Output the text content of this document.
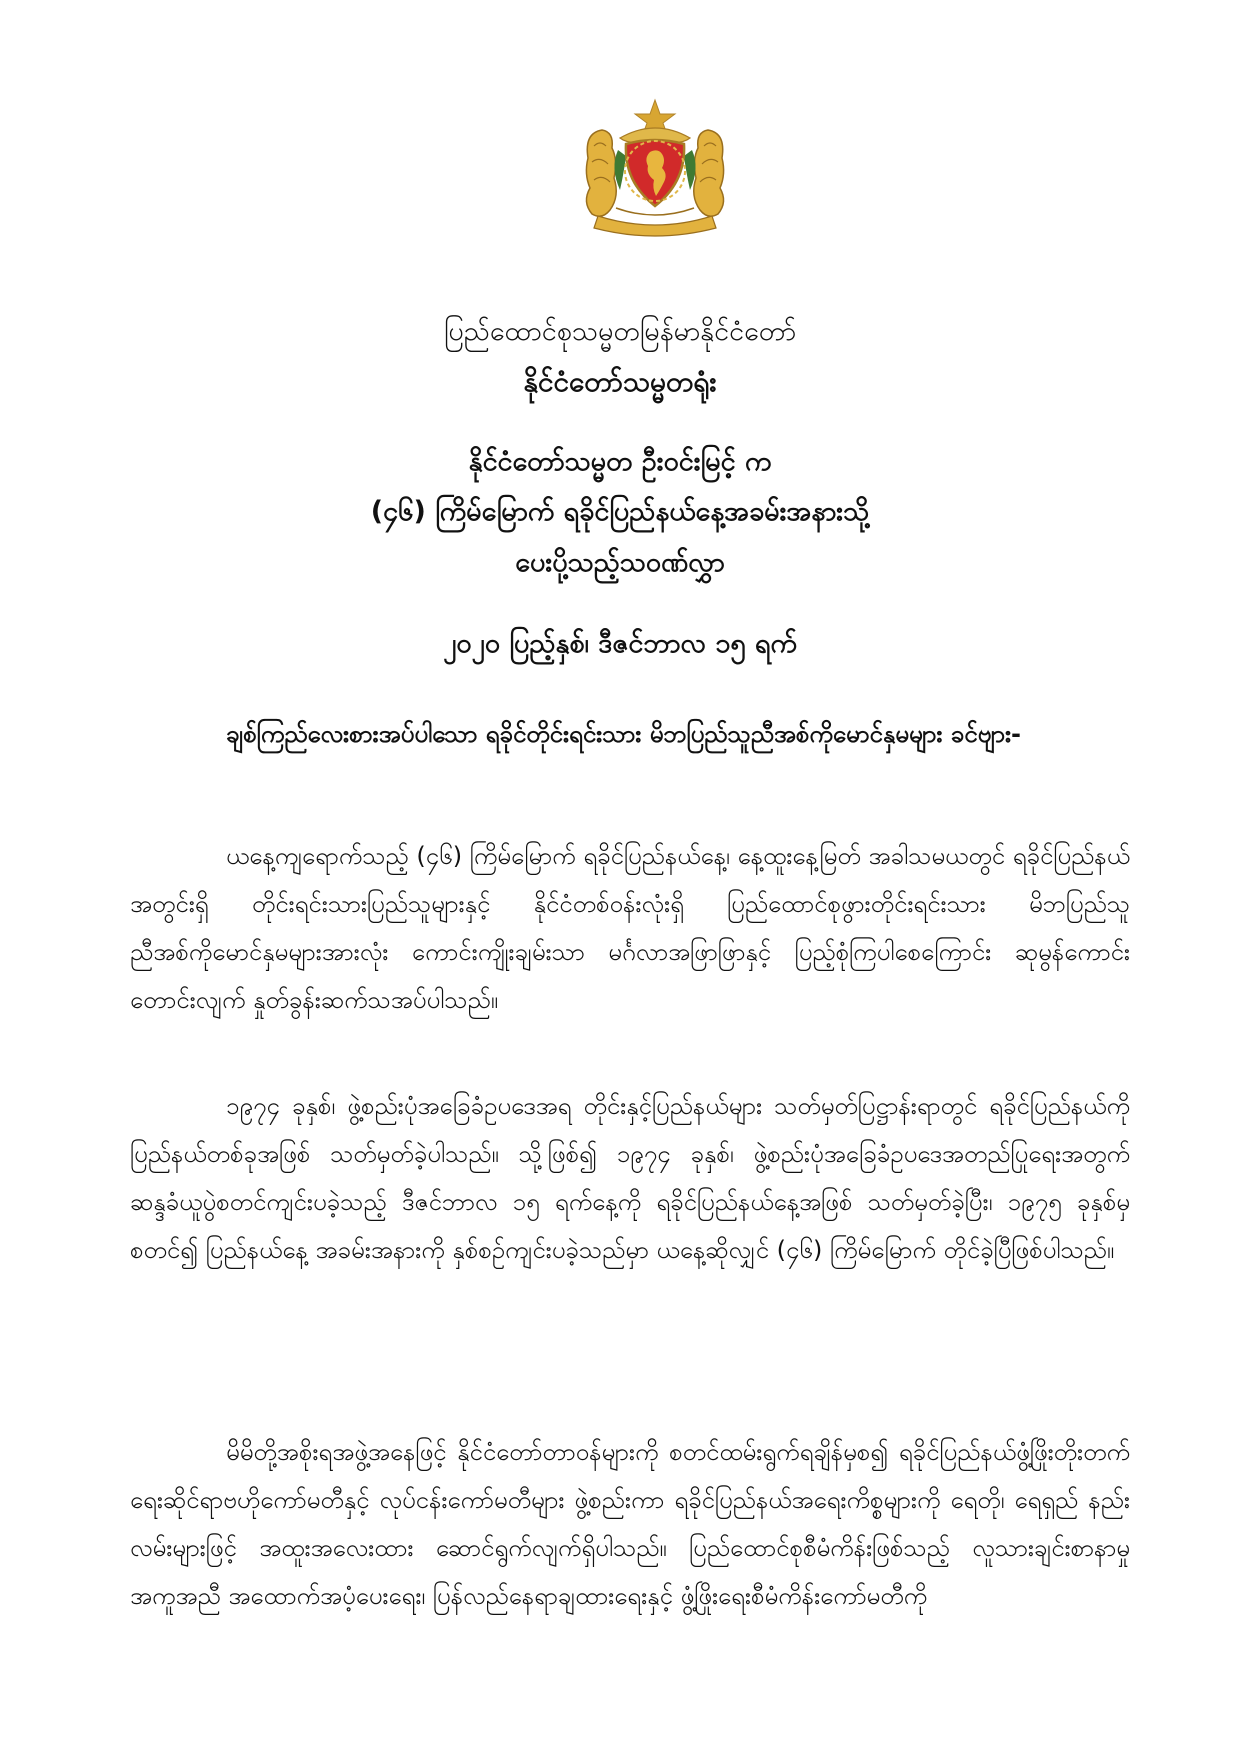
ပြည်ထောင်စုသမ္မတမြန်မာနိုင်ငံတော်
နိုင်ငံတော်သမ္မတရုံး
နိုင်ငံတော်သမ္မတ ဦးဝင်းမြင့် က
(၄၆) ကြိမ်မြောက် ရခိုင်ပြည်နယ်နေ့အခမ်းအနားသို့
ပေးပို့သည့်သဝဏ်လွှာ
၂၀၂၀ ပြည့်နှစ်၊ ဒီဇင်ဘာလ ၁၅ ရက်
ချစ်ကြည်လေးစားအပ်ပါသော ရခိုင်တိုင်းရင်းသား မိဘပြည်သူညီအစ်ကိုမောင်နှမများ ခင်ဗျား-
ယနေ့ကျရောက်သည့် (၄၆) ကြိမ်မြောက် ရခိုင်ပြည်နယ်နေ့၊ နေ့ထူးနေ့မြတ် အခါသမယတွင် ရခိုင်ပြည်နယ်အတွင်းရှိ တိုင်းရင်းသားပြည်သူများနှင့် နိုင်ငံတစ်ဝန်းလုံးရှိ ပြည်ထောင်စုဖွား‌တိုင်းရင်းသား မိဘပြည်သူ ညီအစ်ကိုမောင်နှမများအားလုံး ကောင်းကျိုးချမ်းသာ မင်္ဂလာအဖြာဖြာနှင့် ပြည့်စုံကြပါစေကြောင်း ဆုမွန်ကောင်းတောင်းလျက် နှုတ်ခွန်းဆက်သအပ်ပါသည်။
၁၉၇၄ ခုနှစ်၊ ဖွဲ့စည်းပုံအခြေခံဥပဒေအရ တိုင်းနှင့်ပြည်နယ်များ သတ်မှတ်ပြဋ္ဌာန်းရာတွင် ရခိုင်ပြည်နယ်ကို ပြည်နယ်တစ်ခုအဖြစ် သတ်မှတ်ခဲ့ပါသည်။ သို့ဖြစ်၍ ၁၉၇၄ ခုနှစ်၊ ဖွဲ့စည်းပုံအခြေခံဥပဒေအတည်ပြုရေးအတွက် ဆန္ဒခံယူပွဲစတင်ကျင်းပခဲ့သည့် ဒီဇင်ဘာလ ၁၅ ရက်နေ့ကို ရခိုင်ပြည်နယ်နေ့အဖြစ် သတ်မှတ်ခဲ့ပြီး၊ ၁၉၇၅ ခုနှစ်မှစတင်၍ ပြည်နယ်နေ့ အခမ်းအနားကို နှစ်စဉ်ကျင်းပခဲ့သည်မှာ ယနေ့ဆိုလျှင် (၄၆) ကြိမ်မြောက် တိုင်ခဲ့ပြီဖြစ်ပါသည်။
မိမိတို့အစိုးရအဖွဲ့အနေဖြင့် နိုင်ငံတော်တာဝန်များကို စတင်ထမ်းရွက်ရချိန်မှစ၍ ရခိုင်ပြည်နယ်ဖွံ့ဖြိုးတိုးတက်ရေးဆိုင်ရာဗဟိုကော်မတီနှင့် လုပ်ငန်းကော်မတီများ ဖွဲ့စည်းကာ ရခိုင်ပြည်နယ်အရေးကိစ္စများကို ရေတို၊ ရေရှည် နည်းလမ်းများဖြင့် အထူးအလေးထား ဆောင်ရွက်လျက်ရှိပါသည်။ ပြည်ထောင်စုစီမံကိန်းဖြစ်သည့် လူသားချင်းစာနာမှုအကူအညီ အထောက်အပံ့ပေးရေး၊ ပြန်လည်နေရာချထားရေးနှင့် ဖွံ့ဖြိုးရေးစီမံကိန်းကော်မတီကို
